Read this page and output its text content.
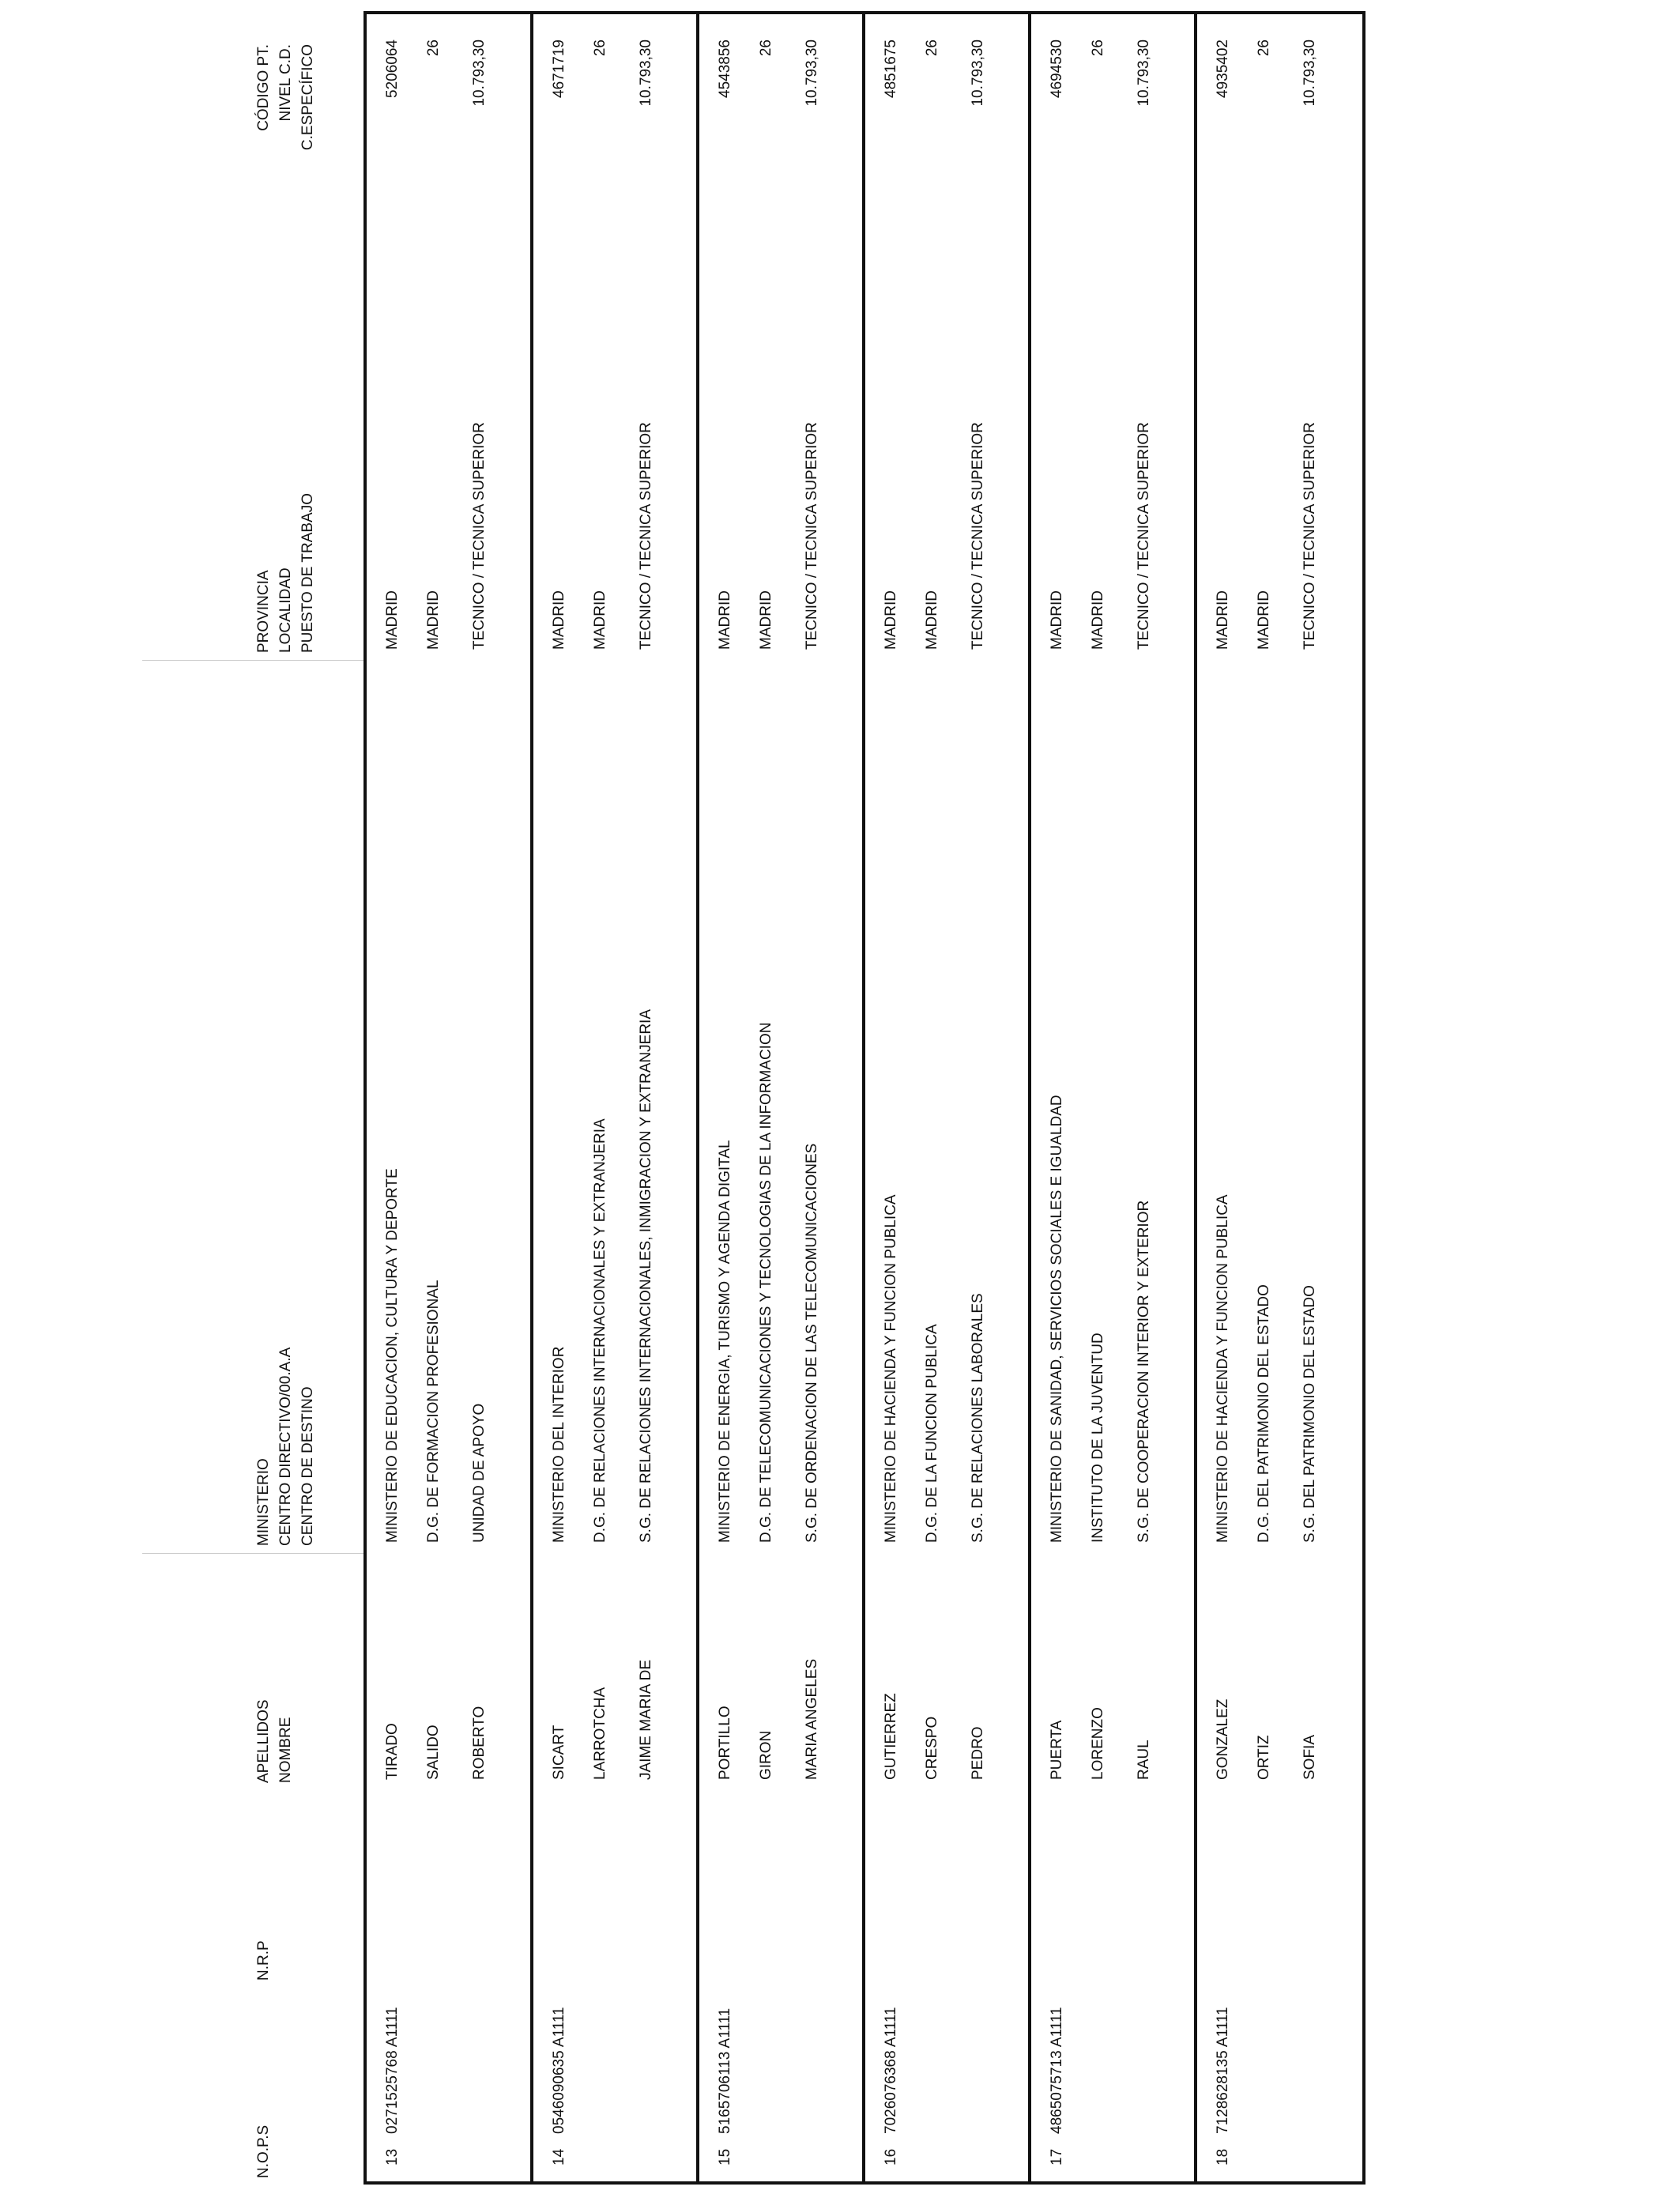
N.O.P.S
N.R.P
APELLIDOS NOMBRE
MINISTERIO CENTRO DIRECTIVO/00.A.A CENTRO DE DESTINO
PROVINCIA LOCALIDAD PUESTO DE TRABAJO
CÓDIGO PT. NIVEL C.D. C.ESPECÍFICO
13
0271525768 A1111
TIRADO SALIDO ROBERTO
MINISTERIO DE EDUCACION, CULTURA Y DEPORTE D.G. DE FORMACION PROFESIONAL UNIDAD DE APOYO
MADRID MADRID TECNICO / TECNICA SUPERIOR
5206064 26 10.793,30
14
0546090635 A1111
SICART LARROTCHA JAIME MARIA DE
MINISTERIO DEL INTERIOR D.G. DE RELACIONES INTERNACIONALES Y EXTRANJERIA S.G. DE RELACIONES INTERNACIONALES, INMIGRACION Y EXTRANJERIA
MADRID MADRID TECNICO / TECNICA SUPERIOR
4671719 26 10.793,30
15
5165706113 A1111
PORTILLO GIRON MARIA ANGELES
MINISTERIO DE ENERGIA, TURISMO Y AGENDA DIGITAL D.G. DE TELECOMUNICACIONES Y TECNOLOGIAS DE LA INFORMACION S.G. DE ORDENACION DE LAS TELECOMUNICACIONES
MADRID MADRID TECNICO / TECNICA SUPERIOR
4543856 26 10.793,30
16
7026076368 A1111
GUTIERREZ CRESPO PEDRO
MINISTERIO DE HACIENDA Y FUNCION PUBLICA D.G. DE LA FUNCION PUBLICA S.G. DE RELACIONES LABORALES
MADRID MADRID TECNICO / TECNICA SUPERIOR
4851675 26 10.793,30
17
4865075713 A1111
PUERTA LORENZO RAUL
MINISTERIO DE SANIDAD, SERVICIOS SOCIALES E IGUALDAD INSTITUTO DE LA JUVENTUD S.G. DE COOPERACION INTERIOR Y EXTERIOR
MADRID MADRID TECNICO / TECNICA SUPERIOR
4694530 26 10.793,30
18
7128628135 A1111
GONZALEZ ORTIZ SOFIA
MINISTERIO DE HACIENDA Y FUNCION PUBLICA D.G. DEL PATRIMONIO DEL ESTADO S.G. DEL PATRIMONIO DEL ESTADO
MADRID MADRID TECNICO / TECNICA SUPERIOR
4935402 26 10.793,30
